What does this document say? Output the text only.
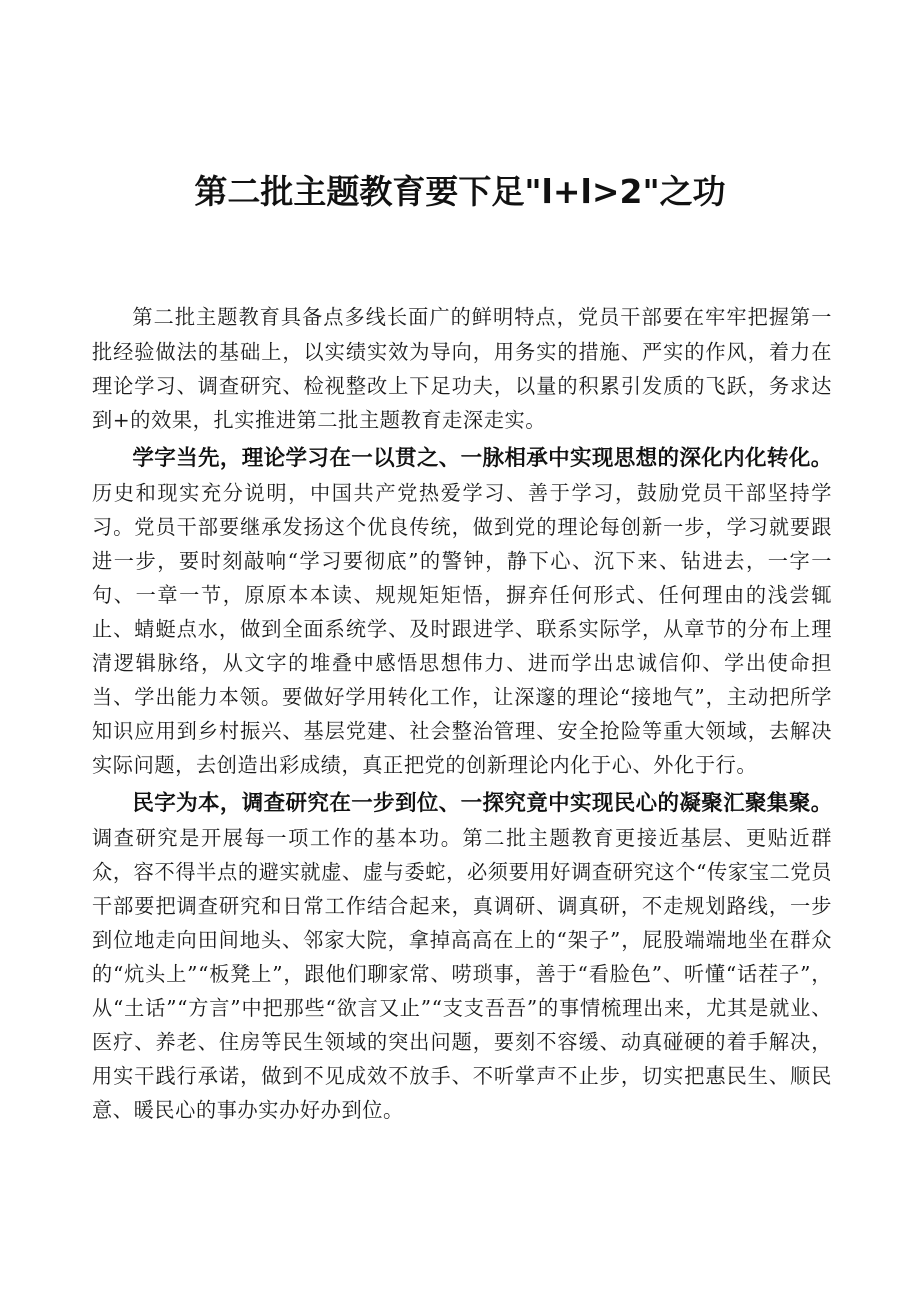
第二批主题教育要下足"l+l>2"之功

第二批主题教育具备点多线长面广的鲜明特点，党员干部要在牢牢把握第一批经验做法的基础上，以实绩实效为导向，用务实的措施、严实的作风，着力在理论学习、调查研究、检视整改上下足功夫，以量的积累引发质的飞跃，务求达到+的效果，扎实推进第二批主题教育走深走实。

学字当先，理论学习在一以贯之、一脉相承中实现思想的深化内化转化。历史和现实充分说明，中国共产党热爱学习、善于学习，鼓励党员干部坚持学习。党员干部要继承发扬这个优良传统，做到党的理论每创新一步，学习就要跟进一步，要时刻敲响“学习要彻底”的警钟，静下心、沉下来、钻进去，一字一句、一章一节，原原本本读、规规矩矩悟，摒弃任何形式、任何理由的浅尝辄止、蜻蜓点水，做到全面系统学、及时跟进学、联系实际学，从章节的分布上理清逻辑脉络，从文字的堆叠中感悟思想伟力、进而学出忠诚信仰、学出使命担当、学出能力本领。要做好学用转化工作，让深邃的理论“接地气”，主动把所学知识应用到乡村振兴、基层党建、社会整治管理、安全抢险等重大领域，去解决实际问题，去创造出彩成绩，真正把党的创新理论内化于心、外化于行。

民字为本，调查研究在一步到位、一探究竟中实现民心的凝聚汇聚集聚。调查研究是开展每一项工作的基本功。第二批主题教育更接近基层、更贴近群众，容不得半点的避实就虚、虚与委蛇，必须要用好调查研究这个“传家宝二党员干部要把调查研究和日常工作结合起来，真调研、调真研，不走规划路线，一步到位地走向田间地头、邻家大院，拿掉高高在上的“架子”，屁股端端地坐在群众的“炕头上”“板凳上”，跟他们聊家常、唠琐事，善于“看脸色”、听懂“话茬子”，从“土话”“方言”中把那些“欲言又止”“支支吾吾”的事情梳理出来，尤其是就业、医疗、养老、住房等民生领域的突出问题，要刻不容缓、动真碰硬的着手解决，用实干践行承诺，做到不见成效不放手、不听掌声不止步，切实把惠民生、顺民意、暖民心的事办实办好办到位。
